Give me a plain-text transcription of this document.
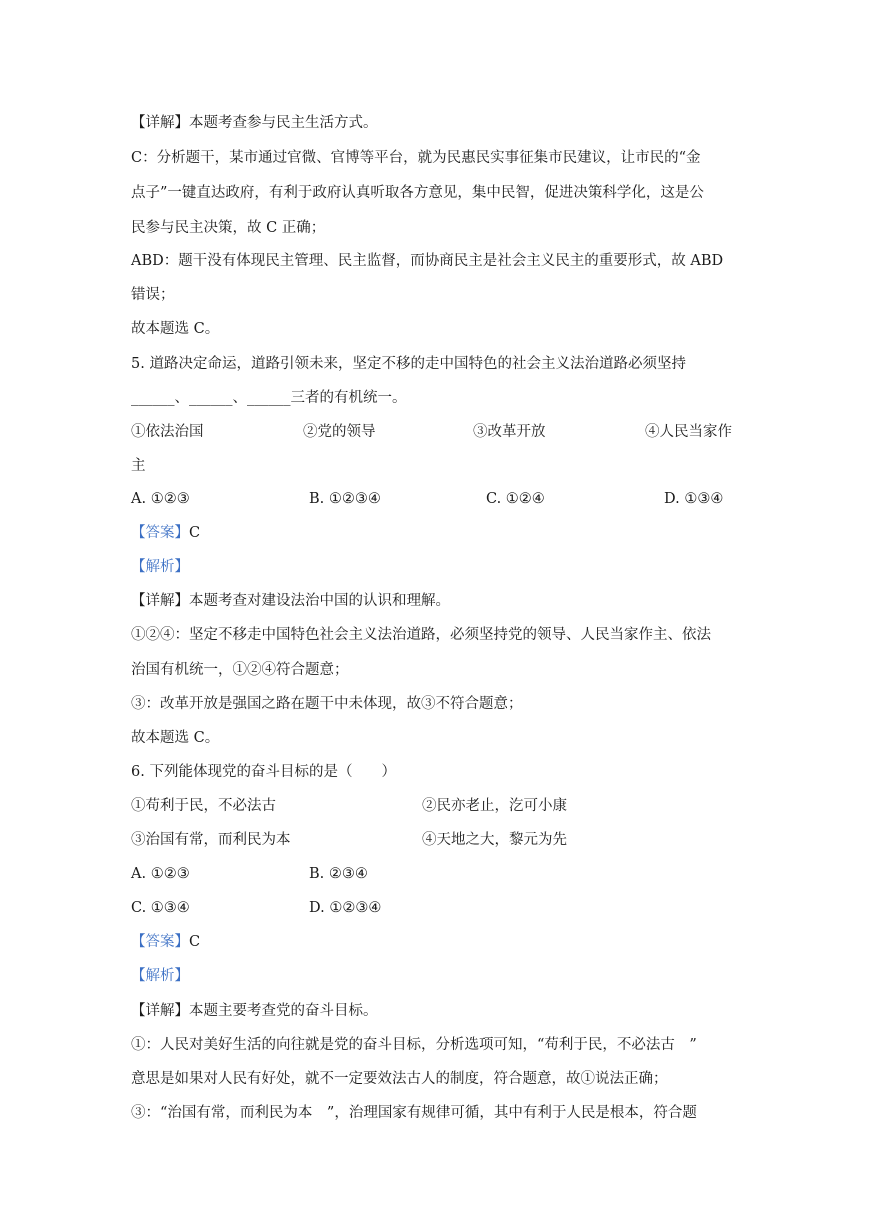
【详解】本题考查参与民主生活方式。
C：分析题干，某市通过官微、官博等平台，就为民惠民实事征集市民建议，让市民的“金
点子”一键直达政府，有利于政府认真听取各方意见，集中民智，促进决策科学化，这是公
民参与民主决策，故 C 正确；
ABD：题干没有体现民主管理、民主监督，而协商民主是社会主义民主的重要形式，故 ABD
错误；
故本题选 C。
5. 道路决定命运，道路引领未来，坚定不移的走中国特色的社会主义法治道路必须坚持
______、______、______三者的有机统一。
①依法治国	②党的领导	③改革开放	④人民当家作
主
A. ①②③	B. ①②③④	C. ①②④	D. ①③④
【答案】C
【解析】
【详解】本题考查对建设法治中国的认识和理解。
①②④：坚定不移走中国特色社会主义法治道路，必须坚持党的领导、人民当家作主、依法
治国有机统一，①②④符合题意；
③：改革开放是强国之路在题干中未体现，故③不符合题意；
故本题选 C。
6. 下列能体现党的奋斗目标的是（　　）
①苟利于民，不必法古	②民亦老止，汔可小康
③治国有常，而利民为本	④天地之大，黎元为先
A. ①②③	B. ②③④
C. ①③④	D. ①②③④
【答案】C
【解析】
【详解】本题主要考查党的奋斗目标。
①：人民对美好生活的向往就是党的奋斗目标，分析选项可知，“苟利于民，不必法古　”
意思是如果对人民有好处，就不一定要效法古人的制度，符合题意，故①说法正确；
③：“治国有常，而利民为本　”，治理国家有规律可循，其中有利于人民是根本，符合题
